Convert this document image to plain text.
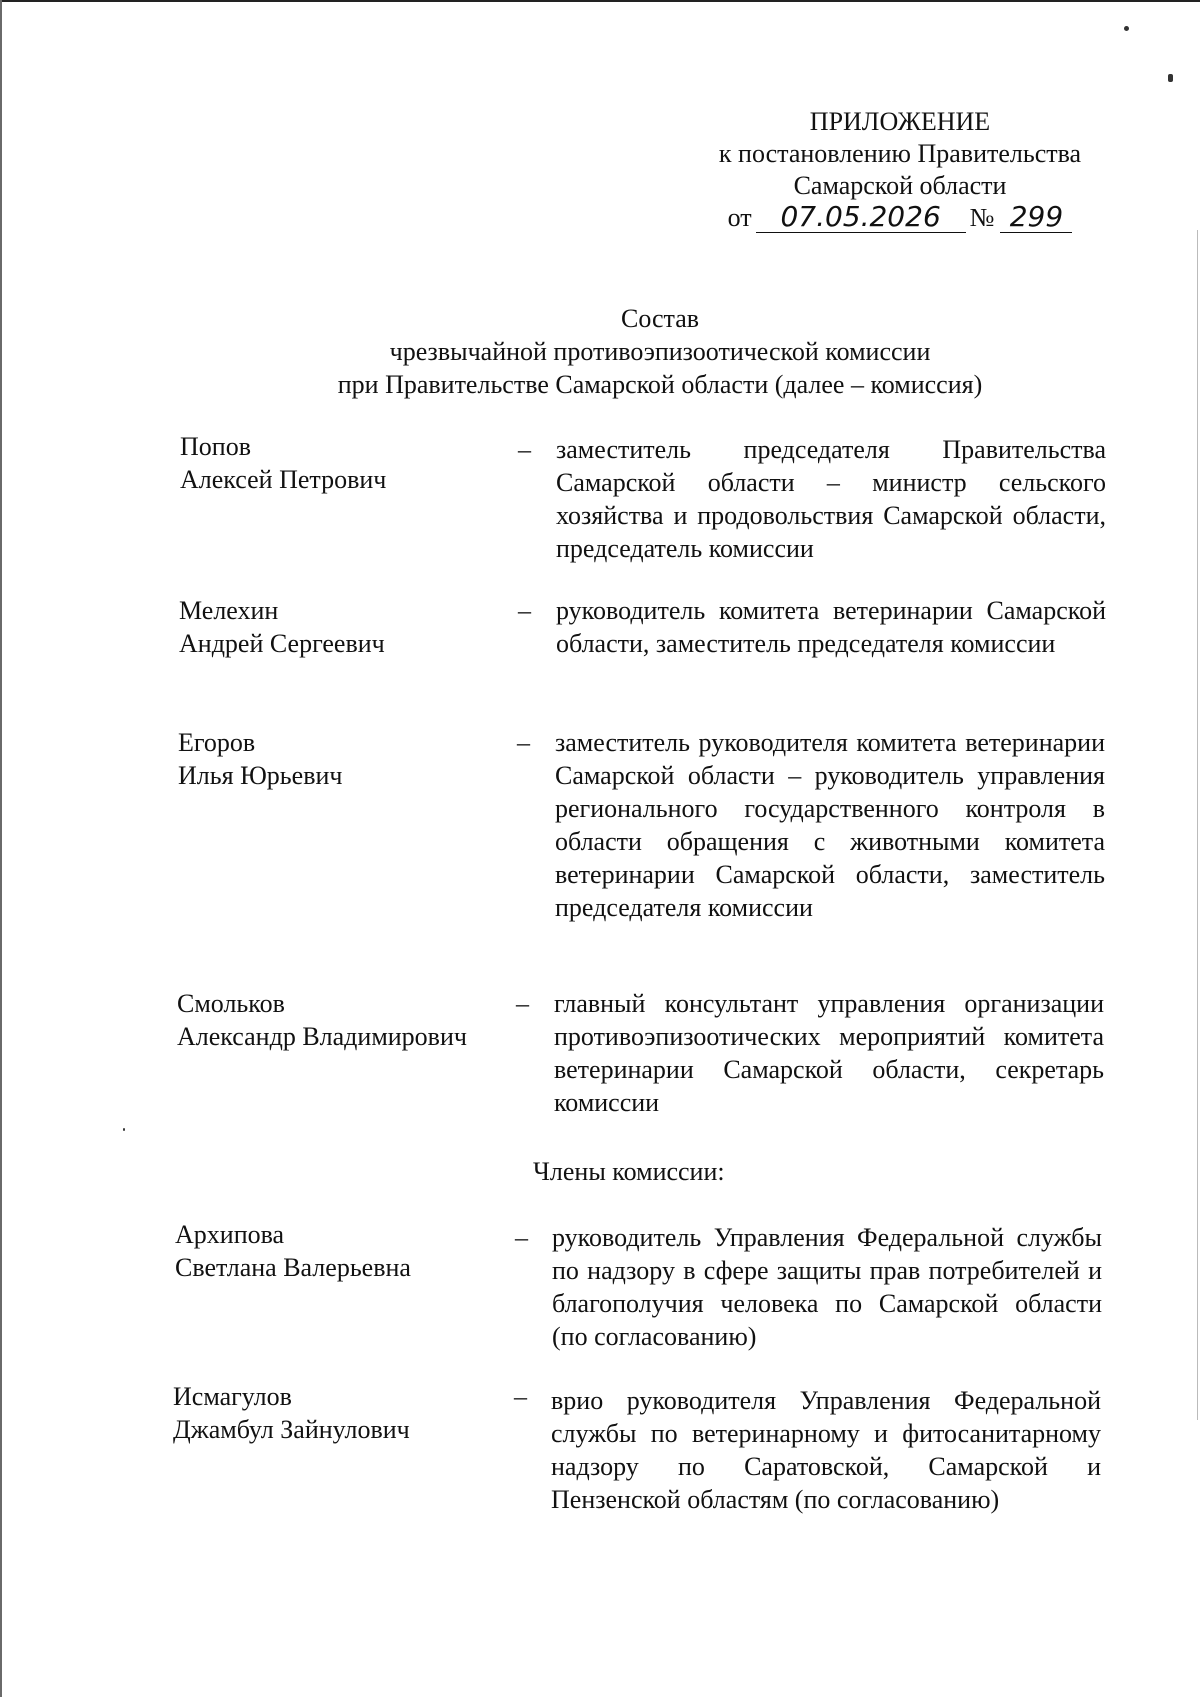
ПРИЛОЖЕНИЕ
к постановлению Правительства
Самарской области
от 07.05.2026 № 299
Состав
чрезвычайной противоэпизоотической комиссии
при Правительстве Самарской области (далее – комиссия)
Попов
Алексей Петрович
– заместитель председателя Правительства Самарской области – министр сельского хозяйства и продовольствия Самарской области, председатель комиссии
Мелехин
Андрей Сергеевич
– руководитель комитета ветеринарии Самарской области, заместитель председателя комиссии
Егоров
Илья Юрьевич
– заместитель руководителя комитета ветеринарии Самарской области – руководитель управления регионального государственного контроля в области обращения с животными комитета ветеринарии Самарской области, заместитель председателя комиссии
Смольков
Александр Владимирович
– главный консультант управления организации противоэпизоотических мероприятий комитета ветеринарии Самарской области, секретарь комиссии
Члены комиссии:
Архипова
Светлана Валерьевна
– руководитель Управления Федеральной службы по надзору в сфере защиты прав потребителей и благополучия человека по Самарской области (по согласованию)
Исмагулов
Джамбул Зайнулович
– врио руководителя Управления Федеральной службы по ветеринарному и фитосанитарному надзору по Саратовской, Самарской и Пензенской областям (по согласованию)
